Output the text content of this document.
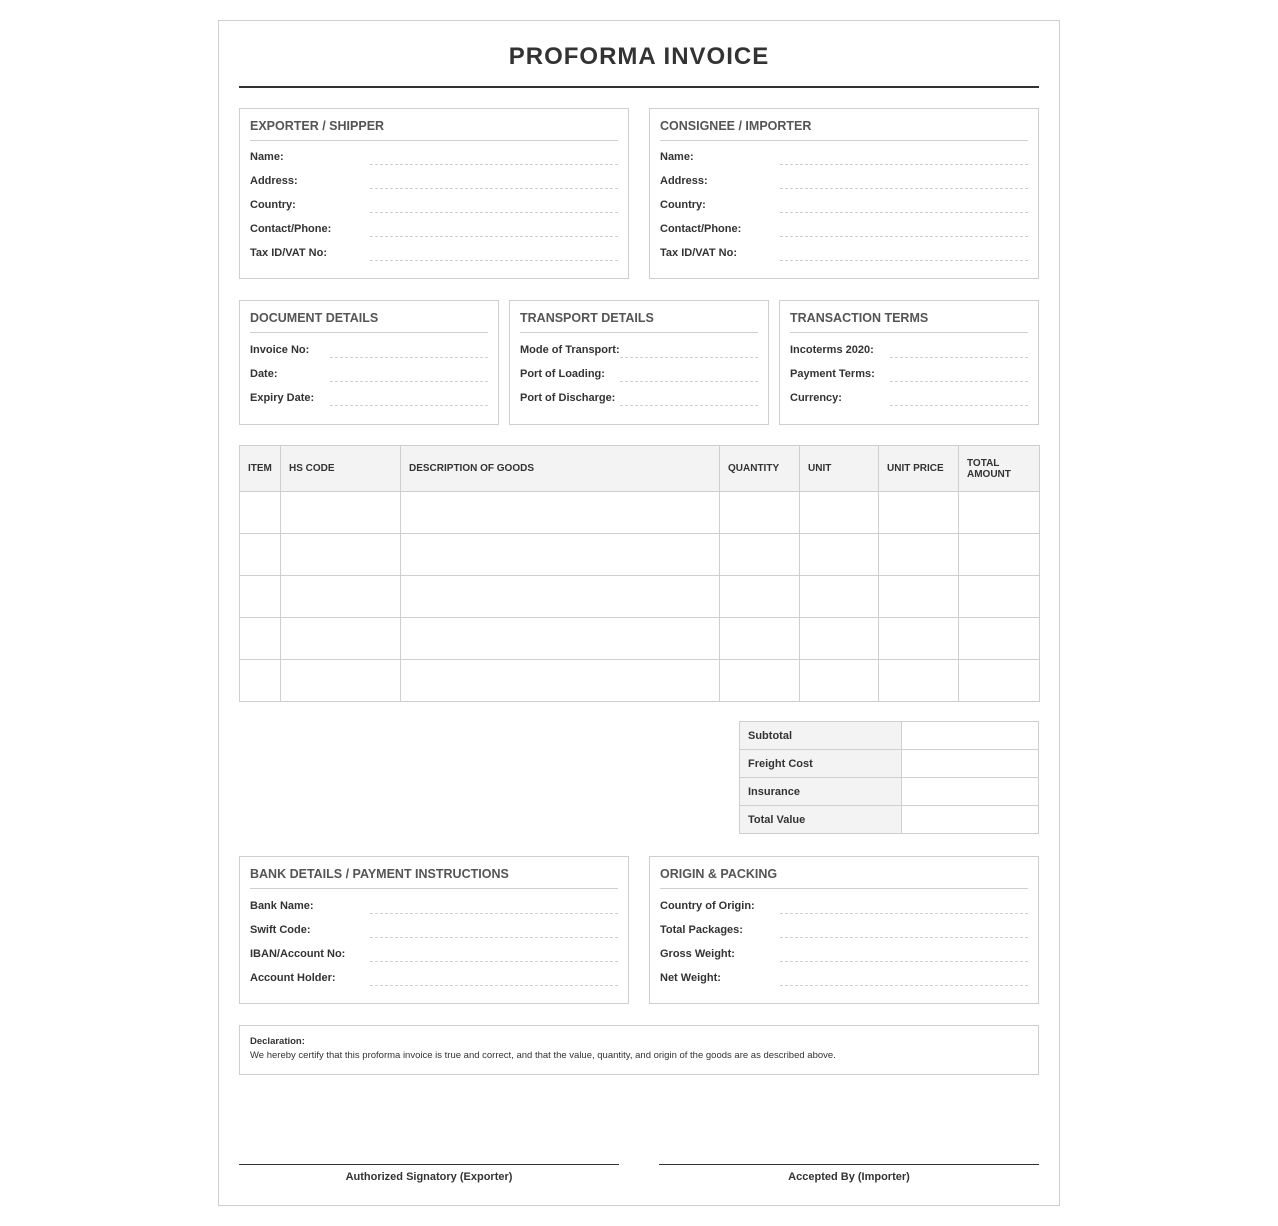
PROFORMA INVOICE
EXPORTER / SHIPPER
Name:
Address:
Country:
Contact/Phone:
Tax ID/VAT No:
CONSIGNEE / IMPORTER
Name:
Address:
Country:
Contact/Phone:
Tax ID/VAT No:
DOCUMENT DETAILS
Invoice No:
Date:
Expiry Date:
TRANSPORT DETAILS
Mode of Transport:
Port of Loading:
Port of Discharge:
TRANSACTION TERMS
Incoterms 2020:
Payment Terms:
Currency:
ITEM	HS CODE	DESCRIPTION OF GOODS	QUANTITY	UNIT	UNIT PRICE	TOTAL AMOUNT

Subtotal	
Freight Cost	
Insurance	
Total Value	
BANK DETAILS / PAYMENT INSTRUCTIONS
Bank Name:
Swift Code:
IBAN/Account No:
Account Holder:
ORIGIN & PACKING
Country of Origin:
Total Packages:
Gross Weight:
Net Weight:
Declaration:
We hereby certify that this proforma invoice is true and correct, and that the value, quantity, and origin of the goods are as described above.
Authorized Signatory (Exporter)	Accepted By (Importer)
